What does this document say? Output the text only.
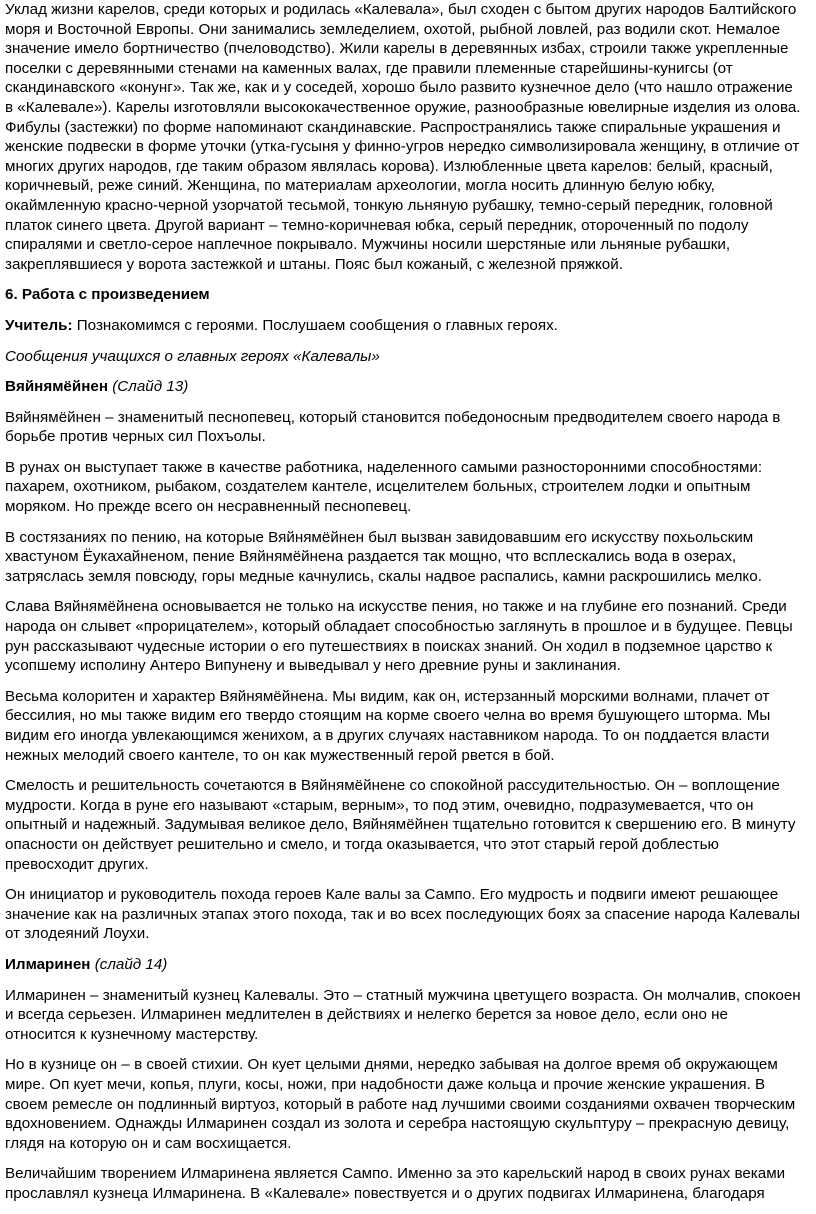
Уклад жизни карелов, среди которых и родилась «Калевала», был сходен с бытом других народов Балтийского моря и Восточной Европы. Они занимались земледелием, охотой, рыбной ловлей, раз водили скот. Немалое значение имело бортничество (пчеловодство). Жили карелы в деревянных избах, строили также укрепленные поселки с деревянными стенами на каменных валах, где правили племенные старейшины-кунигсы (от скандинавского «конунг». Так же, как и у соседей, хорошо было развито кузнечное дело (что нашло отражение в «Калевале»). Карелы изготовляли высококачественное оружие, разнообразные ювелирные изделия из олова. Фибулы (застежки) по форме напоминают скандинавские. Распространялись также спиральные украшения и женские подвески в форме уточки (утка-гусыня у финно-угров нередко символизировала женщину, в отличие от многих других народов, где таким образом являлась корова). Излюбленные цвета карелов: белый, красный, коричневый, реже синий. Женщина, по материалам археологии, могла носить длинную белую юбку, окаймленную красно-черной узорчатой тесьмой, тонкую льняную рубашку, темно-серый передник, головной платок синего цвета. Другой вариант – темно-коричневая юбка, серый передник, отороченный по подолу спиралями и светло-серое наплечное покрывало. Мужчины носили шерстяные или льняные рубашки, закреплявшиеся у ворота застежкой и штаны. Пояс был кожаный, с железной пряжкой.

6. Работа с произведением

Учитель: Познакомимся с героями. Послушаем сообщения о главных героях.

Сообщения учащихся о главных героях «Калевалы»

Вяйнямёйнен (Слайд 13)

Вяйнямёйнен – знаменитый песнопевец, который становится победоносным предводителем своего народа в борьбе против черных сил Похъолы.

В рунах он выступает также в качестве работника, наделенного самыми разносторонними способностями: пахарем, охотником, рыбаком, создателем кантеле, исцелителем больных, строителем лодки и опытным моряком. Но прежде всего он несравненный песнопевец.

В состязаниях по пению, на которые Вяйнямёйнен был вызван завидовавшим его искусству похьольским хвастуном Ёукахайненом, пение Вяйнямёйнена раздается так мощно, что всплескались вода в озерах, затряслась земля повсюду, горы медные качнулись, скалы надвое распались, камни раскрошились мелко.

Слава Вяйнямёйнена основывается не только на искусстве пения, но также и на глубине его познаний. Среди народа он слывет «прорицателем», который обладает способностью заглянуть в прошлое и в будущее. Певцы рун рассказывают чудесные истории о его путешествиях в поисках знаний. Он ходил в подземное царство к усопшему исполину Антеро Випунену и выведывал у него древние руны и заклинания.

Весьма колоритен и характер Вяйнямёйнена. Мы видим, как он, истерзанный морскими волнами, плачет от бессилия, но мы также видим его твердо стоящим на корме своего челна во время бушующего шторма. Мы видим его иногда увлекающимся женихом, а в других случаях наставником народа. То он поддается власти нежных мелодий своего кантеле, то он как мужественный герой рвется в бой.

Смелость и решительность сочетаются в Вяйнямёйнене со спокойной рассудительностью. Он – воплощение мудрости. Когда в руне его называют «старым, верным», то под этим, очевидно, подразумевается, что он опытный и надежный. Задумывая великое дело, Вяйнямёйнен тщательно готовится к свершению его. В минуту опасности он действует решительно и смело, и тогда оказывается, что этот старый герой доблестью превосходит других.

Он инициатор и руководитель похода героев Кале валы за Сампо. Его мудрость и подвиги имеют решающее значение как на различных этапах этого похода, так и во всех последующих боях за спасение народа Калевалы от злодеяний Лоухи.

Илмаринен (слайд 14)

Илмаринен – знаменитый кузнец Калевалы. Это – статный мужчина цветущего возраста. Он молчалив, спокоен и всегда серьезен. Илмаринен медлителен в действиях и нелегко берется за новое дело, если оно не относится к кузнечному мастерству.

Но в кузнице он – в своей стихии. Он кует целыми днями, нередко забывая на долгое время об окружающем мире. Оп кует мечи, копья, плуги, косы, ножи, при надобности даже кольца и прочие женские украшения. В своем ремесле он подлинный виртуоз, который в работе над лучшими своими созданиями охвачен творческим вдохновением. Однажды Илмаринен создал из золота и серебра настоящую скульптуру – прекрасную девицу, глядя на которую он и сам восхищается.

Величайшим творением Илмаринена является Сампо. Именно за это карельский народ в своих рунах веками прославлял кузнеца Илмаринена. В «Калевале» повествуется и о других подвигах Илмаринена, благодаря
